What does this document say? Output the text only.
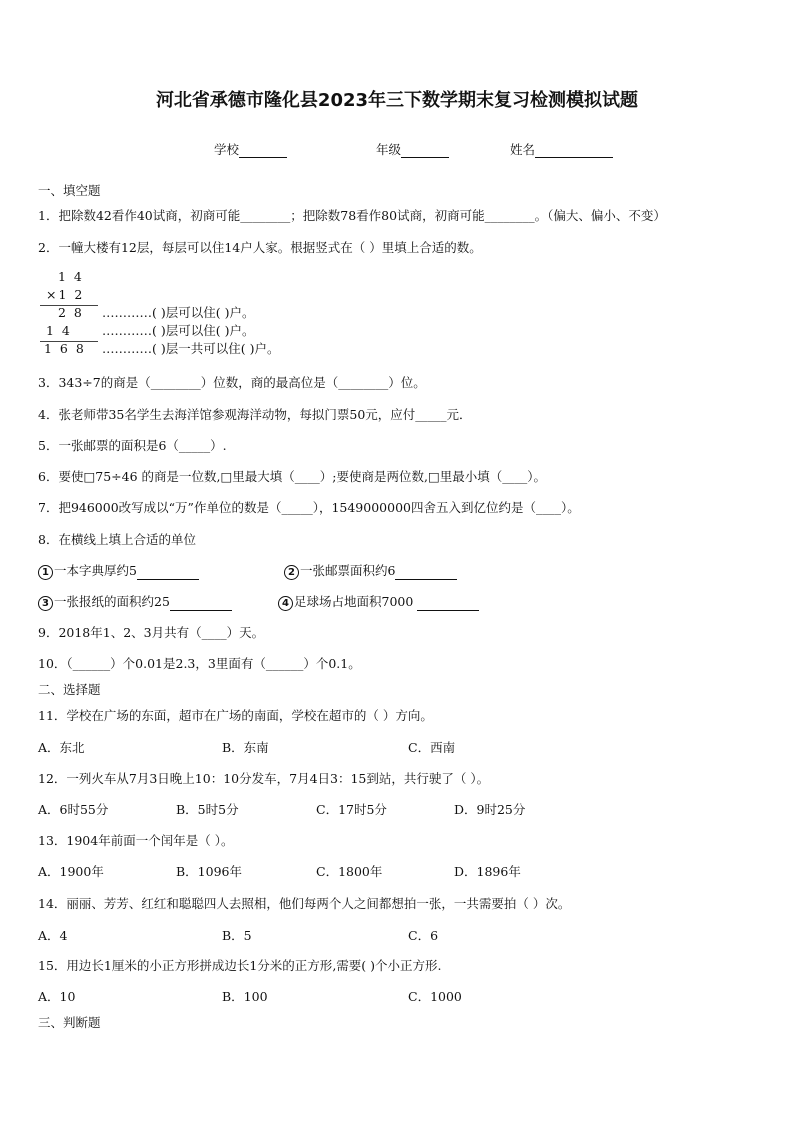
河北省承德市隆化县2023年三下数学期末复习检测模拟试题
学校	年级	姓名
一、填空题
1．把除数42看作40试商，初商可能________；把除数78看作80试商，初商可能________。（偏大、偏小、不变）
2．一幢大楼有12层，每层可以住14户人家。根据竖式在（ ）里填上合适的数。
1 4
×1 2
2 8 …………( )层可以住( )户。
1 4 …………( )层可以住( )户。
1 6 8 …………( )层一共可以住( )户。
3．343÷7的商是（________）位数，商的最高位是（________）位。
4．张老师带35名学生去海洋馆参观海洋动物，每拟门票50元，应付_____元．
5．一张邮票的面积是6（_____）.
6．要使□75÷46 的商是一位数,□里最大填（____）;要使商是两位数,□里最小填（____）。
7．把946000改写成以“万”作单位的数是（_____），1549000000四舍五入到亿位约是（____）。
8．在横线上填上合适的单位
1 一本字典厚约5	2 一张邮票面积约6
3 一张报纸的面积约25	4 足球场占地面积7000
9．2018年1、2、3月共有（____）天。
10．（______）个0.01是2.3，3里面有（______）个0.1。
二、选择题
11．学校在广场的东面，超市在广场的南面，学校在超市的（ ）方向。
A．东北	B．东南	C．西南
12．一列火车从7月3日晚上10：10分发车，7月4日3：15到站，共行驶了（ ）。
A．6时55分	B．5时5分	C．17时5分	D．9时25分
13．1904年前面一个闰年是（ ）。
A．1900年	B．1096年	C．1800年	D．1896年
14．丽丽、芳芳、红红和聪聪四人去照相，他们每两个人之间都想拍一张，一共需要拍（ ）次。
A．4	B．5	C．6
15．用边长1厘米的小正方形拼成边长1分米的正方形,需要( )个小正方形.
A．10	B．100	C．1000
三、判断题
